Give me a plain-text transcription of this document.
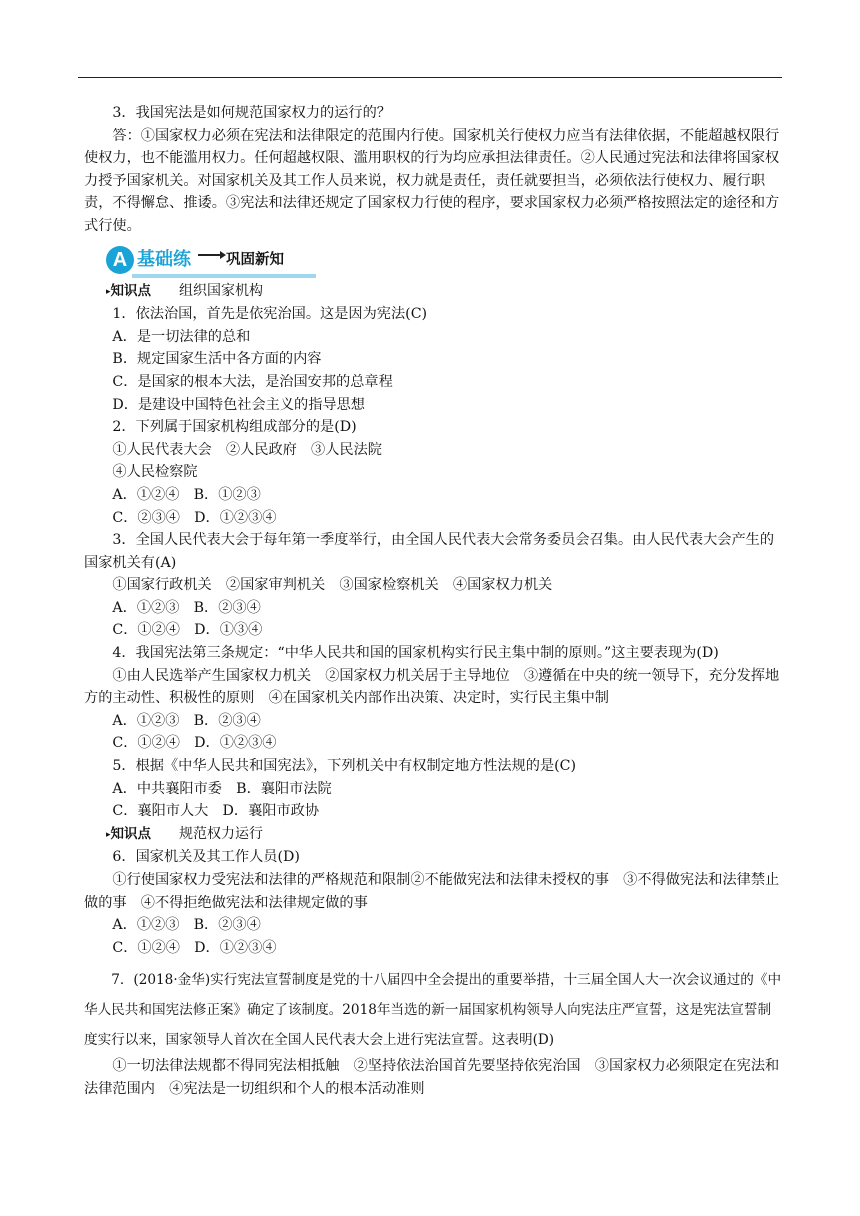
3．我国宪法是如何规范国家权力的运行的？

答：①国家权力必须在宪法和法律限定的范围内行使。国家机关行使权力应当有法律依据，不能超越权限行使权力，也不能滥用权力。任何超越权限、滥用职权的行为均应承担法律责任。②人民通过宪法和法律将国家权力授予国家机关。对国家机关及其工作人员来说，权力就是责任，责任就要担当，必须依法行使权力、履行职责，不得懈怠、推诿。③宪法和法律还规定了国家权力行使的程序，要求国家权力必须严格按照法定的途径和方式行使。

A 基础练 巩固新知

▸知识点 组织国家机构

1．依法治国，首先是依宪治国。这是因为宪法(C)

A．是一切法律的总和

B．规定国家生活中各方面的内容

C．是国家的根本大法，是治国安邦的总章程

D．是建设中国特色社会主义的指导思想

2．下列属于国家机构组成部分的是(D)

①人民代表大会　②人民政府　③人民法院

④人民检察院

A．①②④　B．①②③

C．②③④　D．①②③④

3．全国人民代表大会于每年第一季度举行，由全国人民代表大会常务委员会召集。由人民代表大会产生的国家机关有(A)

①国家行政机关　②国家审判机关　③国家检察机关　④国家权力机关

A．①②③　B．②③④

C．①②④　D．①③④

4．我国宪法第三条规定：“中华人民共和国的国家机构实行民主集中制的原则。”这主要表现为(D)

①由人民选举产生国家权力机关　②国家权力机关居于主导地位　③遵循在中央的统一领导下，充分发挥地方的主动性、积极性的原则　④在国家机关内部作出决策、决定时，实行民主集中制

A．①②③　B．②③④

C．①②④　D．①②③④

5．根据《中华人民共和国宪法》，下列机关中有权制定地方性法规的是(C)

A．中共襄阳市委　B．襄阳市法院

C．襄阳市人大　D．襄阳市政协

▸知识点 规范权力运行

6．国家机关及其工作人员(D)

①行使国家权力受宪法和法律的严格规范和限制②不能做宪法和法律未授权的事　③不得做宪法和法律禁止做的事　④不得拒绝做宪法和法律规定做的事

A．①②③　B．②③④

C．①②④　D．①②③④

7．(2018·金华)实行宪法宣誓制度是党的十八届四中全会提出的重要举措，十三届全国人大一次会议通过的《中华人民共和国宪法修正案》确定了该制度。2018年当选的新一届国家机构领导人向宪法庄严宣誓，这是宪法宣誓制度实行以来，国家领导人首次在全国人民代表大会上进行宪法宣誓。这表明(D)

①一切法律法规都不得同宪法相抵触　②坚持依法治国首先要坚持依宪治国　③国家权力必须限定在宪法和法律范围内　④宪法是一切组织和个人的根本活动准则
